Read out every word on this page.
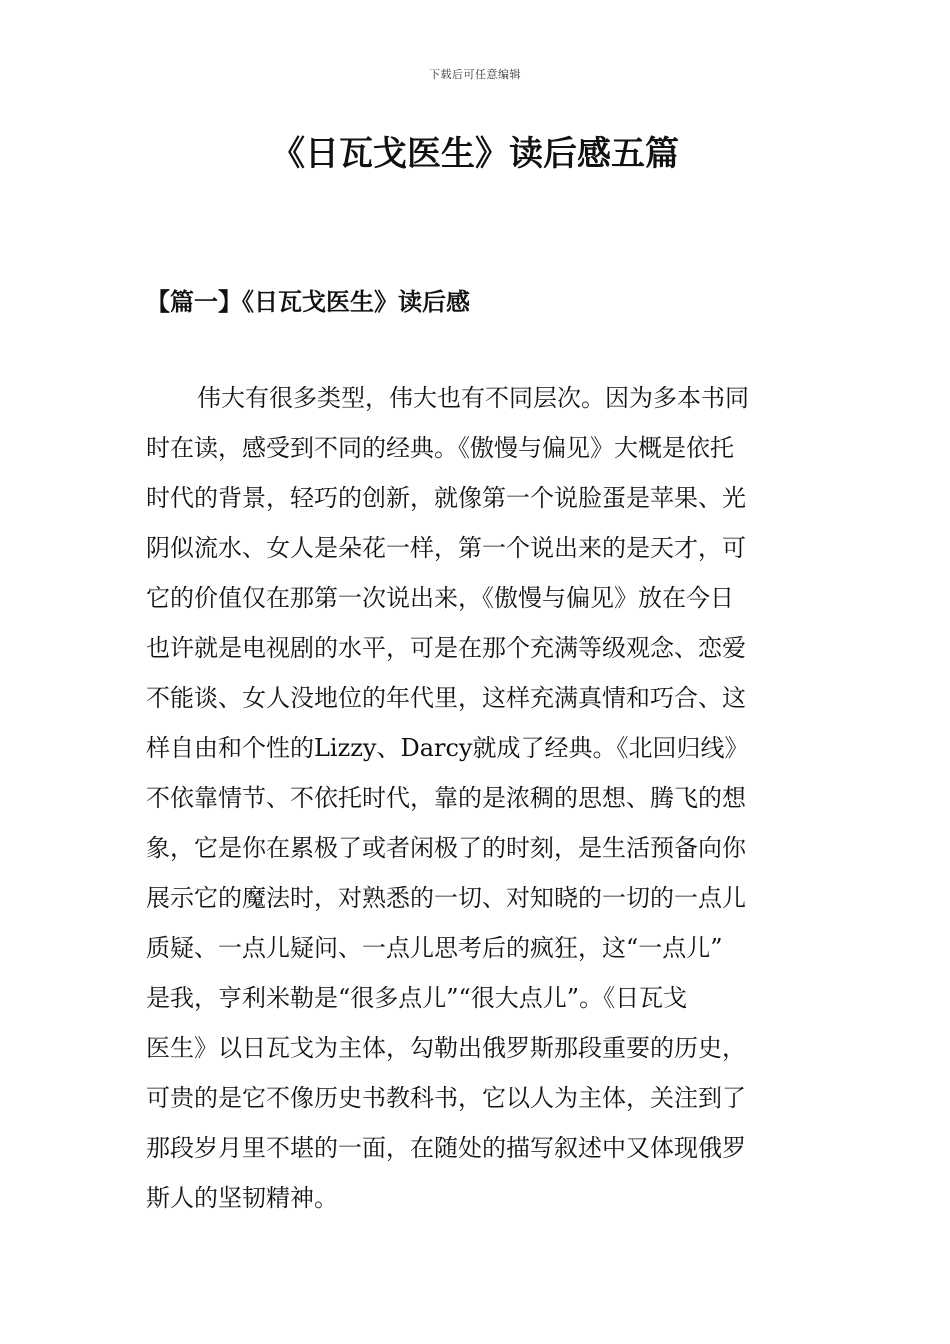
下载后可任意编辑
《日瓦戈医生》读后感五篇
【篇一】《日瓦戈医生》读后感
伟大有很多类型，伟大也有不同层次。因为多本书同
时在读，感受到不同的经典。《傲慢与偏见》大概是依托
时代的背景，轻巧的创新，就像第一个说脸蛋是苹果、光
阴似流水、女人是朵花一样，第一个说出来的是天才，可
它的价值仅在那第一次说出来，《傲慢与偏见》放在今日
也许就是电视剧的水平，可是在那个充满等级观念、恋爱
不能谈、女人没地位的年代里，这样充满真情和巧合、这
样自由和个性的Lizzy、Darcy就成了经典。《北回归线》
不依靠情节、不依托时代，靠的是浓稠的思想、腾飞的想
象，它是你在累极了或者闲极了的时刻，是生活预备向你
展示它的魔法时，对熟悉的一切、对知晓的一切的一点儿
质疑、一点儿疑问、一点儿思考后的疯狂，这“一点儿”
是我，亨利米勒是“很多点儿”“很大点儿”。《日瓦戈
医生》以日瓦戈为主体，勾勒出俄罗斯那段重要的历史，
可贵的是它不像历史书教科书，它以人为主体，关注到了
那段岁月里不堪的一面，在随处的描写叙述中又体现俄罗
斯人的坚韧精神。
